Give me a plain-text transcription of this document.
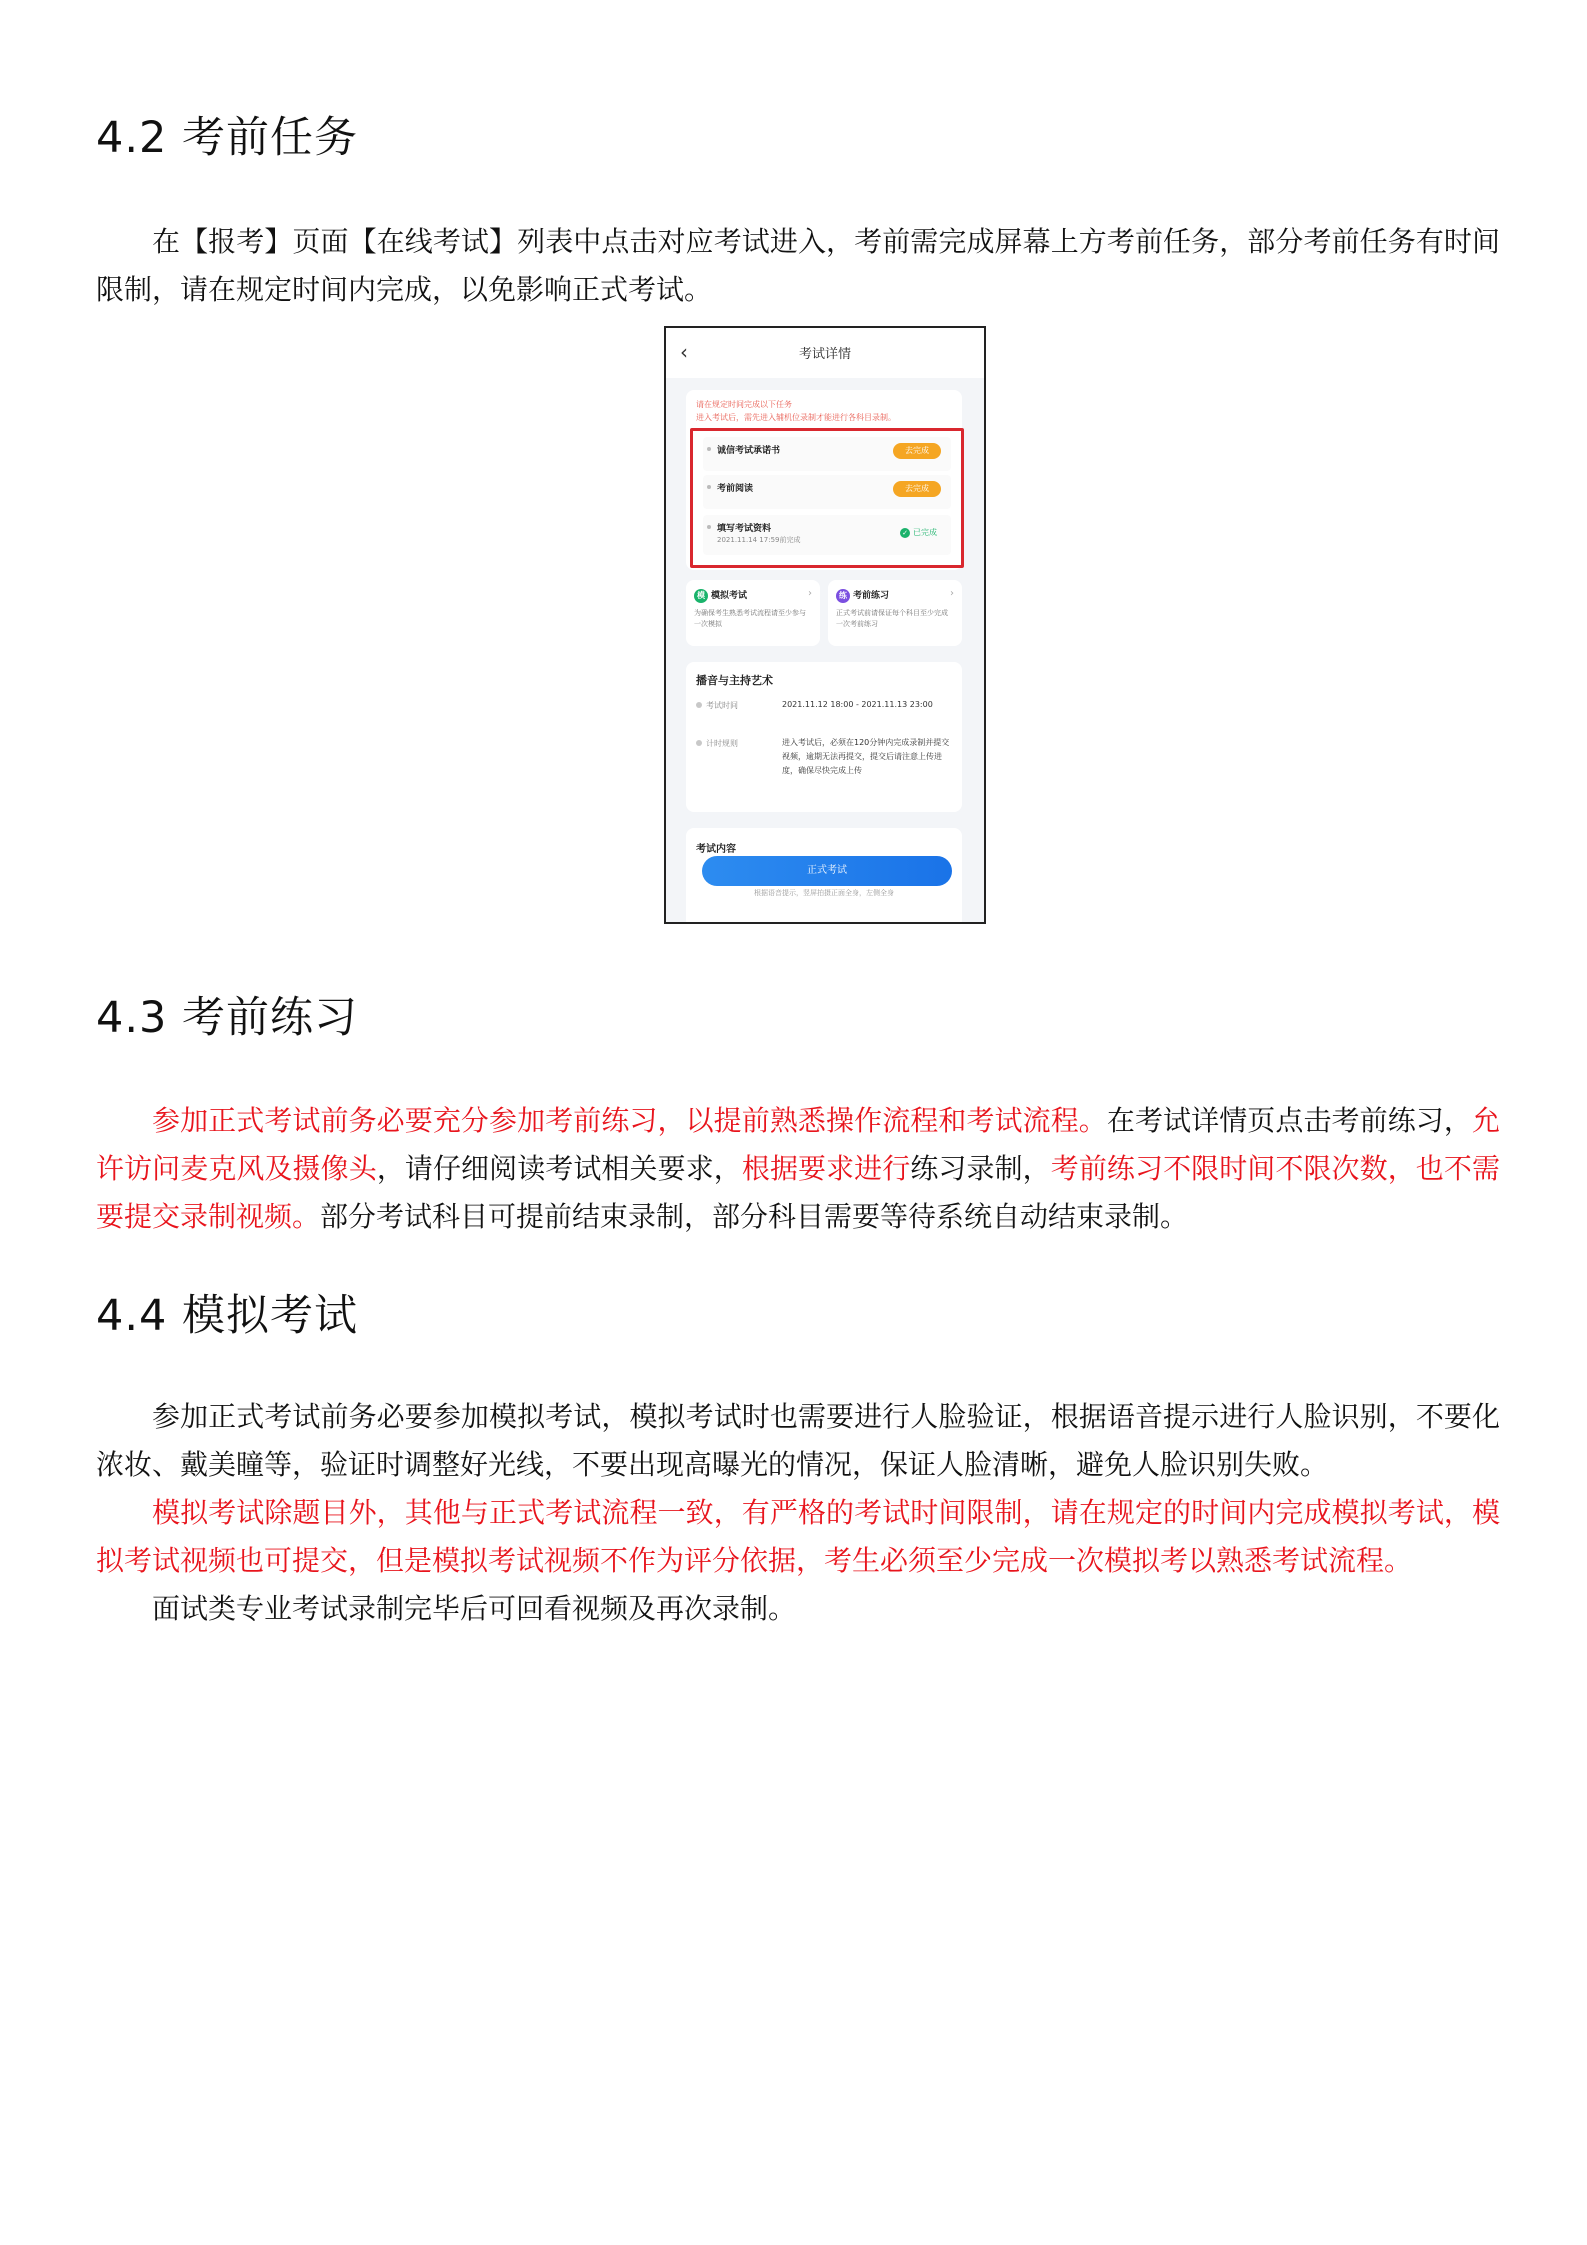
4.2 考前任务

在【报考】页面【在线考试】列表中点击对应考试进入，考前需完成屏幕上方考前任务，部分考前任务有时间限制，请在规定时间内完成，以免影响正式考试。

4.3 考前练习

参加正式考试前务必要充分参加考前练习，以提前熟悉操作流程和考试流程。在考试详情页点击考前练习，允许访问麦克风及摄像头，请仔细阅读考试相关要求，根据要求进行练习录制，考前练习不限时间不限次数，也不需要提交录制视频。部分考试科目可提前结束录制，部分科目需要等待系统自动结束录制。

4.4 模拟考试

参加正式考试前务必要参加模拟考试，模拟考试时也需要进行人脸验证，根据语音提示进行人脸识别，不要化浓妆、戴美瞳等，验证时调整好光线，不要出现高曝光的情况，保证人脸清晰，避免人脸识别失败。

模拟考试除题目外，其他与正式考试流程一致，有严格的考试时间限制，请在规定的时间内完成模拟考试，模拟考试视频也可提交，但是模拟考试视频不作为评分依据，考生必须至少完成一次模拟考以熟悉考试流程。

面试类专业考试录制完毕后可回看视频及再次录制。

‹	考试详情
请在规定时间完成以下任务
进入考试后，需先进入辅机位录制才能进行各科目录制。
诚信考试承诺书	去完成
考前阅读	去完成
填写考试资料
2021.11.14 17:59前完成
✓ 已完成
模 模拟考试	›
为确保考生熟悉考试流程请至少参与一次模拟
练 考前练习	›
正式考试前请保证每个科目至少完成一次考前练习
播音与主持艺术
考试时间	2021.11.12 18:00 - 2021.11.13 23:00
计时规则	进入考试后，必须在120分钟内完成录制并提交视频，逾期无法再提交，提交后请注意上传进度，确保尽快完成上传
考试内容
正式考试
根据语音提示，竖屏拍摄正面全身，左侧全身
